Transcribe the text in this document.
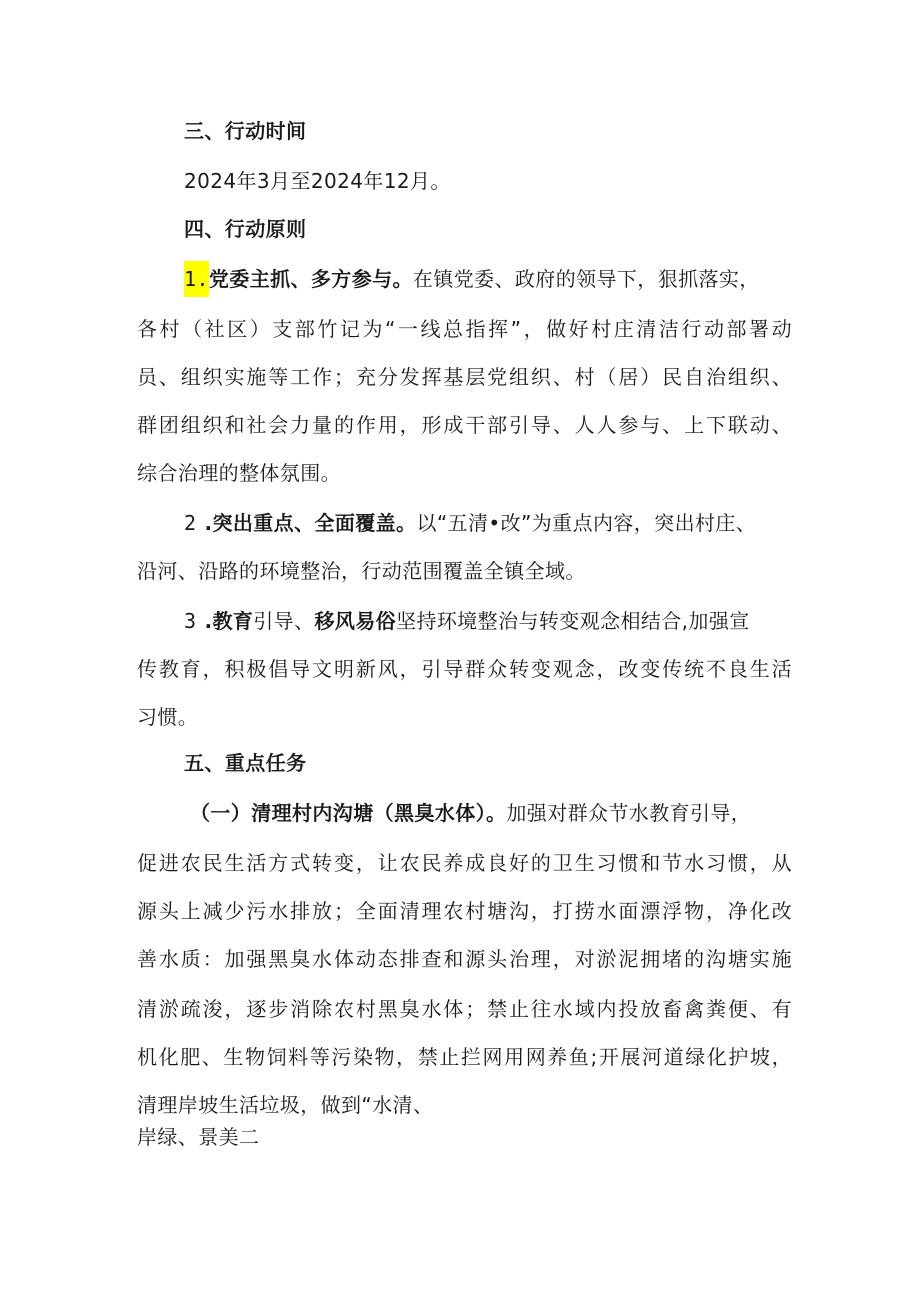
三、行动时间
2024年3月至2024年12月。
四、行动原则
1.党委主抓、多方参与。在镇党委、政府的领导下，狠抓落实，
各村（社区）支部竹记为“一线总指挥”，做好村庄清洁行动部署动
员、组织实施等工作；充分发挥基层党组织、村（居）民自治组织、
群团组织和社会力量的作用，形成干部引导、人人参与、上下联动、
综合治理的整体氛围。
2 .突出重点、全面覆盖。以“五清•改”为重点内容，突出村庄、
沿河、沿路的环境整治，行动范围覆盖全镇全域。
3 .教育引导、移风易俗坚持环境整治与转变观念相结合,加强宣
传教育，积极倡导文明新风，引导群众转变观念，改变传统不良生活
习惯。
五、重点任务
（一）清理村内沟塘（黑臭水体）。加强对群众节水教育引导，
促进农民生活方式转变，让农民养成良好的卫生习惯和节水习惯，从
源头上减少污水排放；全面清理农村塘沟，打捞水面漂浮物，净化改
善水质：加强黑臭水体动态排查和源头治理，对淤泥拥堵的沟塘实施
清淤疏浚，逐步消除农村黑臭水体；禁止往水域内投放畜禽粪便、有
机化肥、生物饲料等污染物，禁止拦网用网养鱼;开展河道绿化护坡，
清理岸坡生活垃圾，做到“水清、
岸绿、景美二
